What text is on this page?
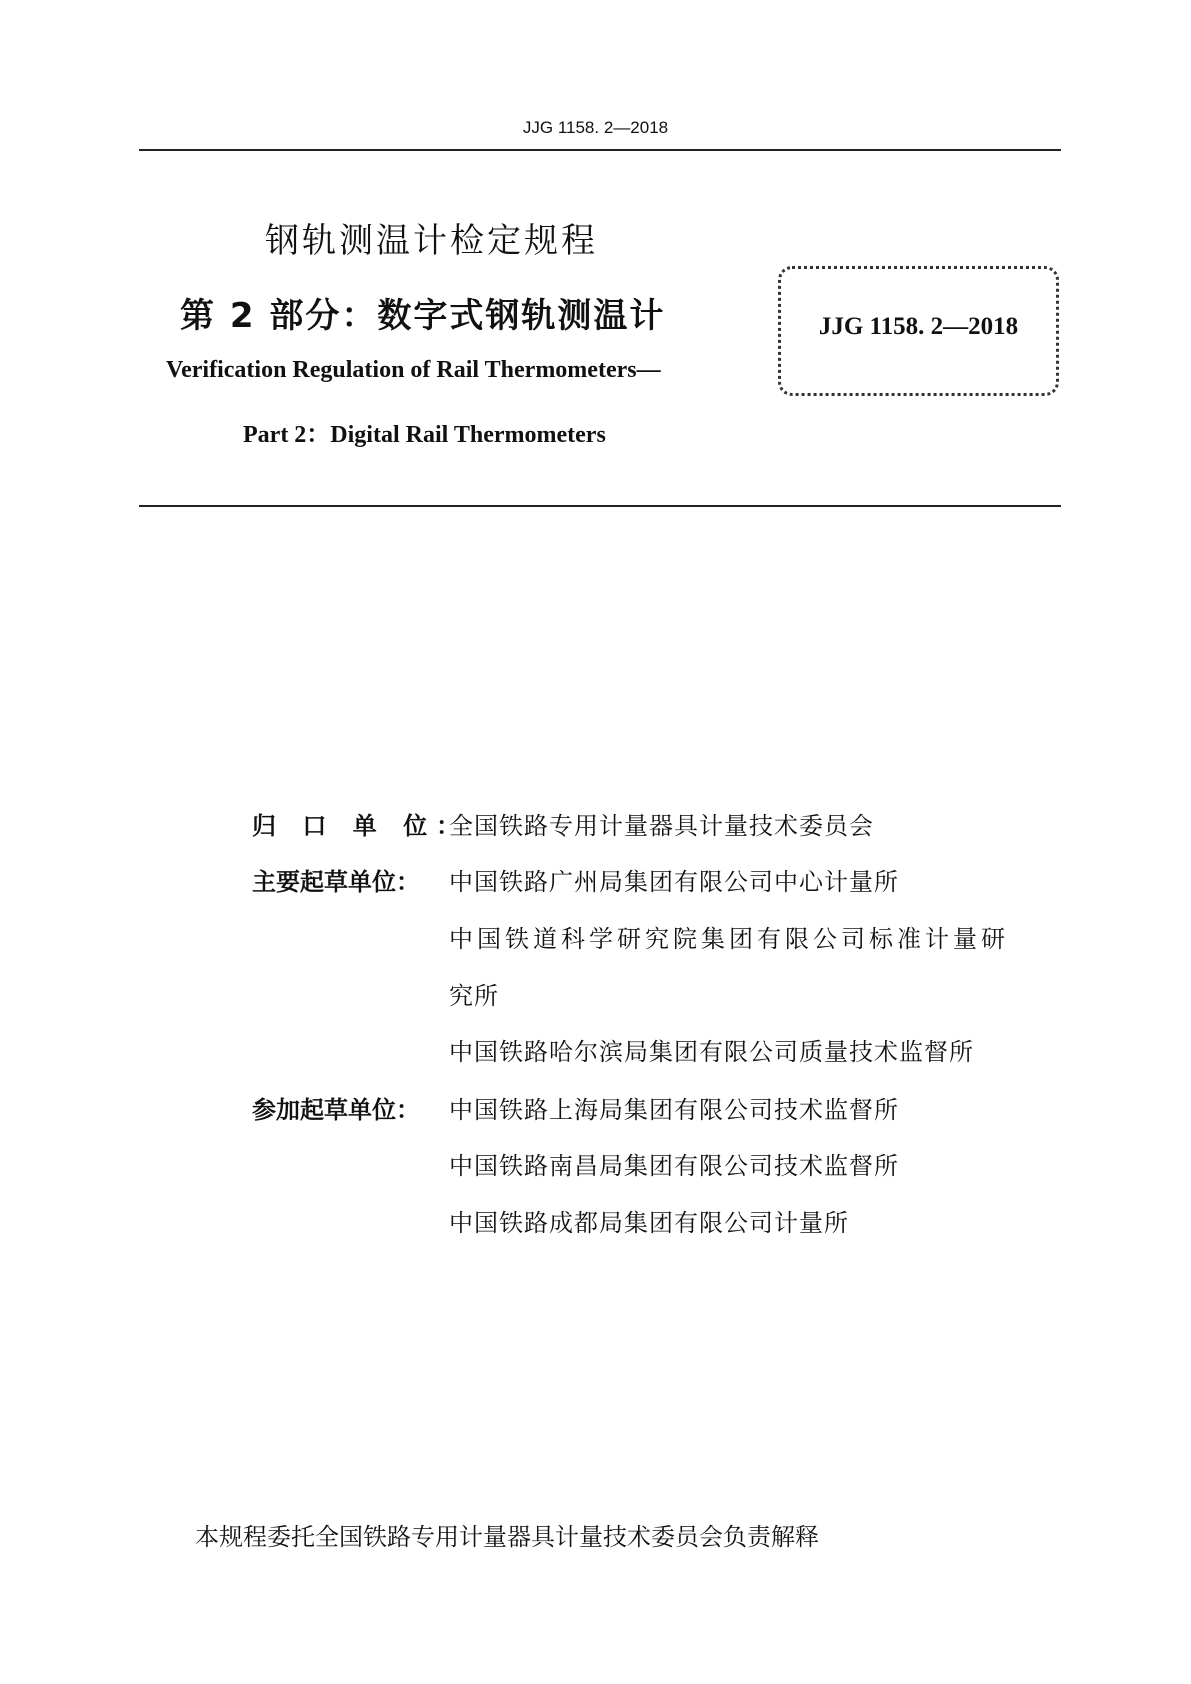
JJG 1158. 2—2018
钢轨测温计检定规程
第 2 部分：数字式钢轨测温计
Verification Regulation of Rail Thermometers—
Part 2：Digital Rail Thermometers
JJG 1158. 2—2018
归 口 单 位：
全国铁路专用计量器具计量技术委员会
主要起草单位： 中国铁路广州局集团有限公司中心计量所
中国铁道科学研究院集团有限公司标准计量研
究所
中国铁路哈尔滨局集团有限公司质量技术监督所
参加起草单位： 中国铁路上海局集团有限公司技术监督所
中国铁路南昌局集团有限公司技术监督所
中国铁路成都局集团有限公司计量所
本规程委托全国铁路专用计量器具计量技术委员会负责解释
